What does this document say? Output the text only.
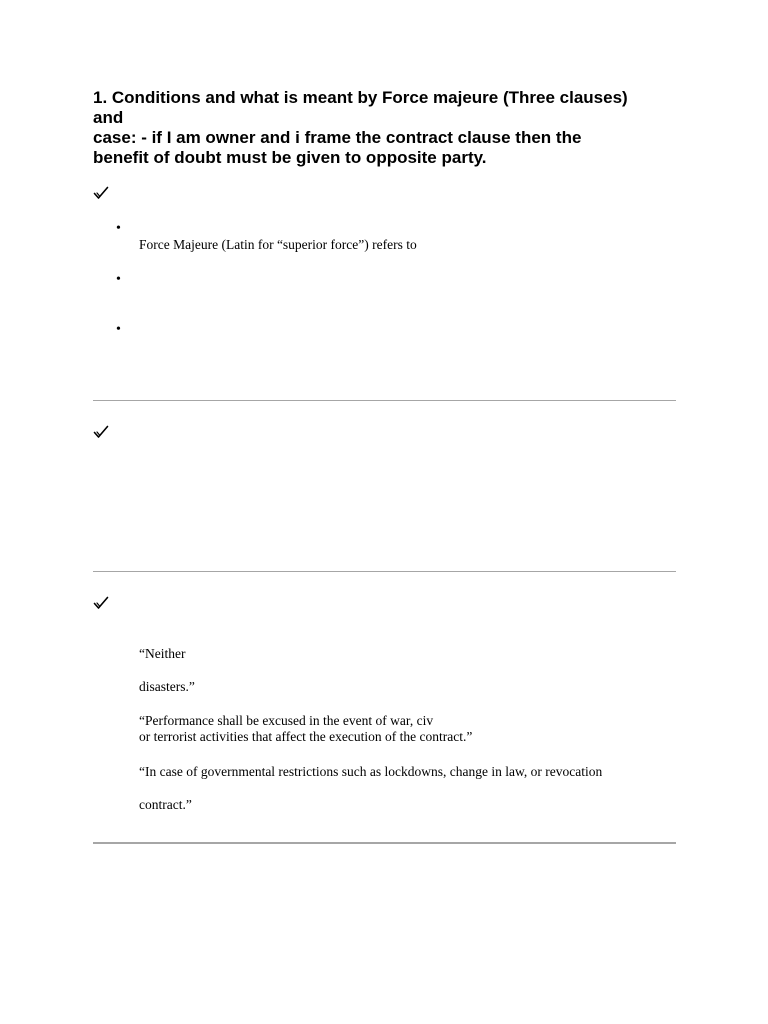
1. Conditions and what is meant by Force majeure (Three clauses)
and
case: - if I am owner and i frame the contract clause then the
benefit of doubt must be given to opposite party.
•
Force Majeure (Latin for “superior force”) refers to
•
•
“Neither
disasters.”
“Performance shall be excused in the event of war, civ
or terrorist activities that affect the execution of the contract.”
“In case of governmental restrictions such as lockdowns, change in law, or revocation
contract.”
